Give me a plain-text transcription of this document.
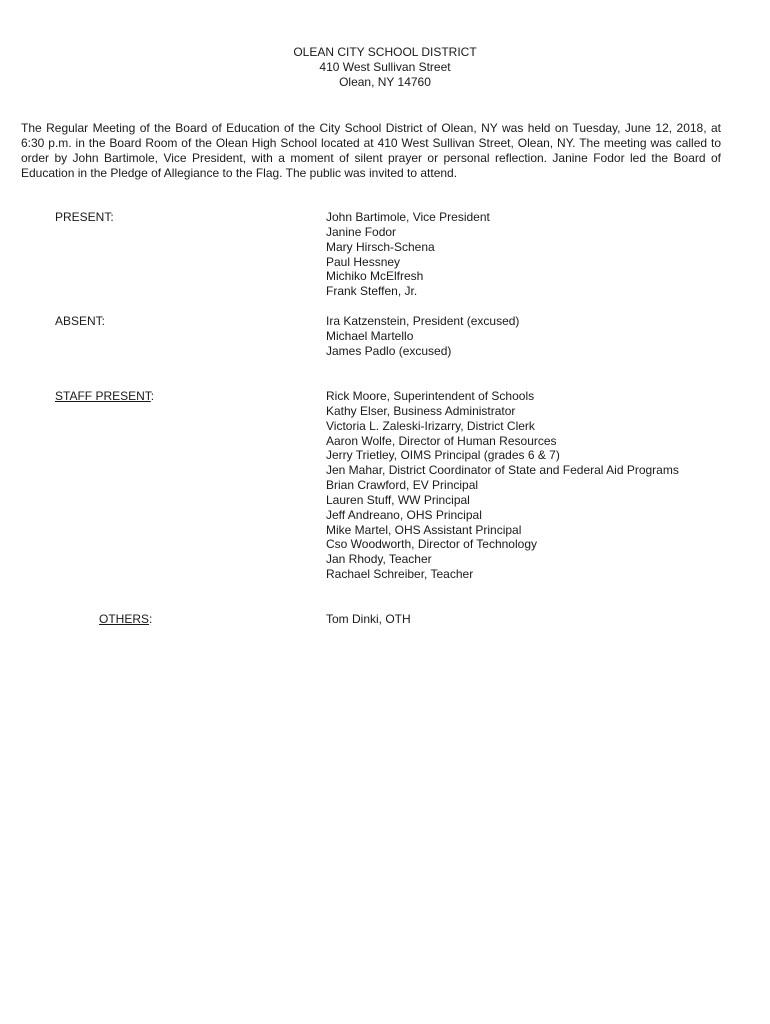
OLEAN CITY SCHOOL DISTRICT
410 West Sullivan Street
Olean, NY 14760
The Regular Meeting of the Board of Education of the City School District of Olean, NY was held on Tuesday, June 12, 2018, at 6:30 p.m. in the Board Room of the Olean High School located at 410 West Sullivan Street, Olean, NY. The meeting was called to order by John Bartimole, Vice President, with a moment of silent prayer or personal reflection. Janine Fodor led the Board of Education in the Pledge of Allegiance to the Flag. The public was invited to attend.
PRESENT:	John Bartimole, Vice President
Janine Fodor
Mary Hirsch-Schena
Paul Hessney
Michiko McElfresh
Frank Steffen, Jr.
ABSENT:	Ira Katzenstein, President (excused)
Michael Martello
James Padlo (excused)
STAFF PRESENT:	Rick Moore, Superintendent of Schools
Kathy Elser, Business Administrator
Victoria L. Zaleski-Irizarry, District Clerk
Aaron Wolfe, Director of Human Resources
Jerry Trietley, OIMS Principal (grades 6 & 7)
Jen Mahar, District Coordinator of State and Federal Aid Programs
Brian Crawford, EV Principal
Lauren Stuff, WW Principal
Jeff Andreano, OHS Principal
Mike Martel, OHS Assistant Principal
Cso Woodworth, Director of Technology
Jan Rhody, Teacher
Rachael Schreiber, Teacher
OTHERS:	Tom Dinki, OTH
